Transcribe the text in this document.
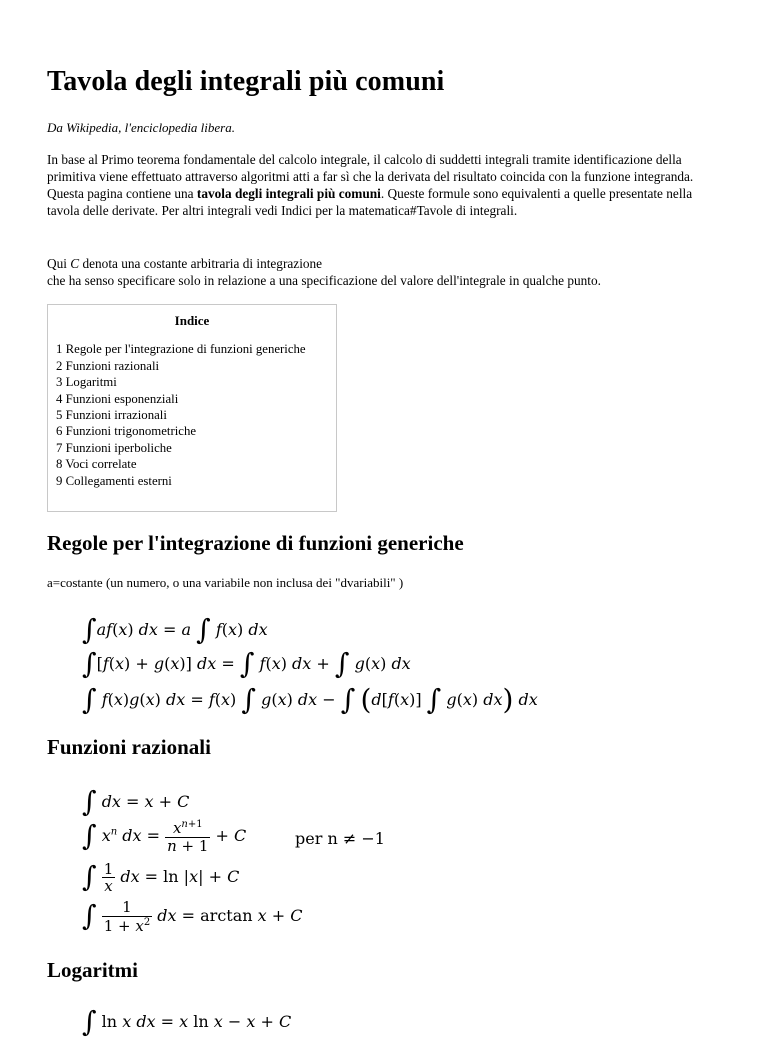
Tavola degli integrali più comuni
Da Wikipedia, l'enciclopedia libera.

In base al Primo teorema fondamentale del calcolo integrale, il calcolo di suddetti integrali tramite identificazione della primitiva viene effettuato attraverso algoritmi atti a far sì che la derivata del risultato coincida con la funzione integranda. Questa pagina contiene una tavola degli integrali più comuni. Queste formule sono equivalenti a quelle presentate nella tavola delle derivate. Per altri integrali vedi Indici per la matematica#Tavole di integrali.

Qui C denota una costante arbitraria di integrazione
che ha senso specificare solo in relazione a una specificazione del valore dell'integrale in qualche punto.

Indice
1 Regole per l'integrazione di funzioni generiche
2 Funzioni razionali
3 Logaritmi
4 Funzioni esponenziali
5 Funzioni irrazionali
6 Funzioni trigonometriche
7 Funzioni iperboliche
8 Voci correlate
9 Collegamenti esterni
Regole per l'integrazione di funzioni generiche
a=costante (un numero, o una variabile non inclusa dei "dvariabili" )
∫af(x) dx = a ∫ f(x) dx
∫[f(x) + g(x)] dx = ∫ f(x) dx + ∫ g(x) dx
∫ f(x)g(x) dx = f(x) ∫ g(x) dx − ∫ (d[f(x)] ∫ g(x) dx) dx
Funzioni razionali
∫ dx = x + C
∫ $x^n$ dx = $\frac{x^{n+1}}{n + 1} + C$	per n ≠ −1
∫ $\frac{1}{x}$ dx = ln |x| + C
∫ $\frac{1}{1 + x^2}$ dx = arctan x + C
Logaritmi
∫ ln x dx = x ln x − x + C
